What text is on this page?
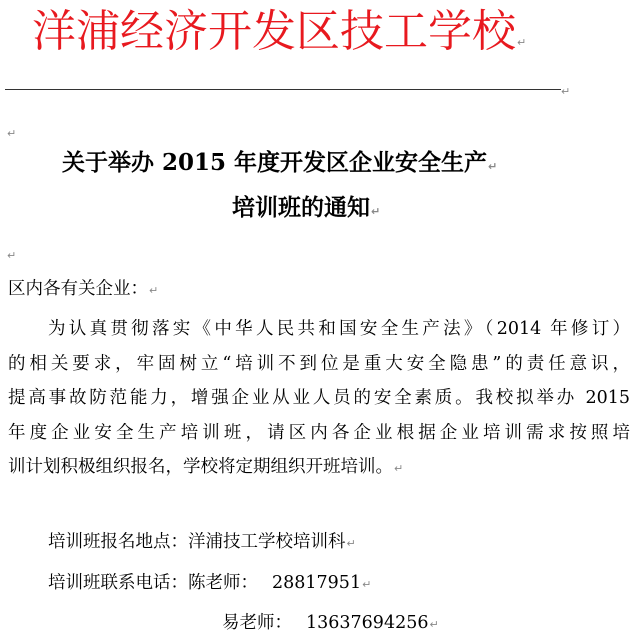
洋浦经济开发区技工学校↵
↵
↵
关于举办 2015 年度开发区企业安全生产↵
培训班的通知↵
↵
区内各有关企业：↵
为认真贯彻落实《中华人民共和国安全生产法》（2014 年修订）
的相关要求，牢固树立“培训不到位是重大安全隐患”的责任意识，
提高事故防范能力，增强企业从业人员的安全素质。我校拟举办 2015
年度企业安全生产培训班，请区内各企业根据企业培训需求按照培
训计划积极组织报名，学校将定期组织开班培训。↵
培训班报名地点：洋浦技工学校培训科↵
培训班联系电话：陈老师： 28817951↵
易老师： 13637694256↵
